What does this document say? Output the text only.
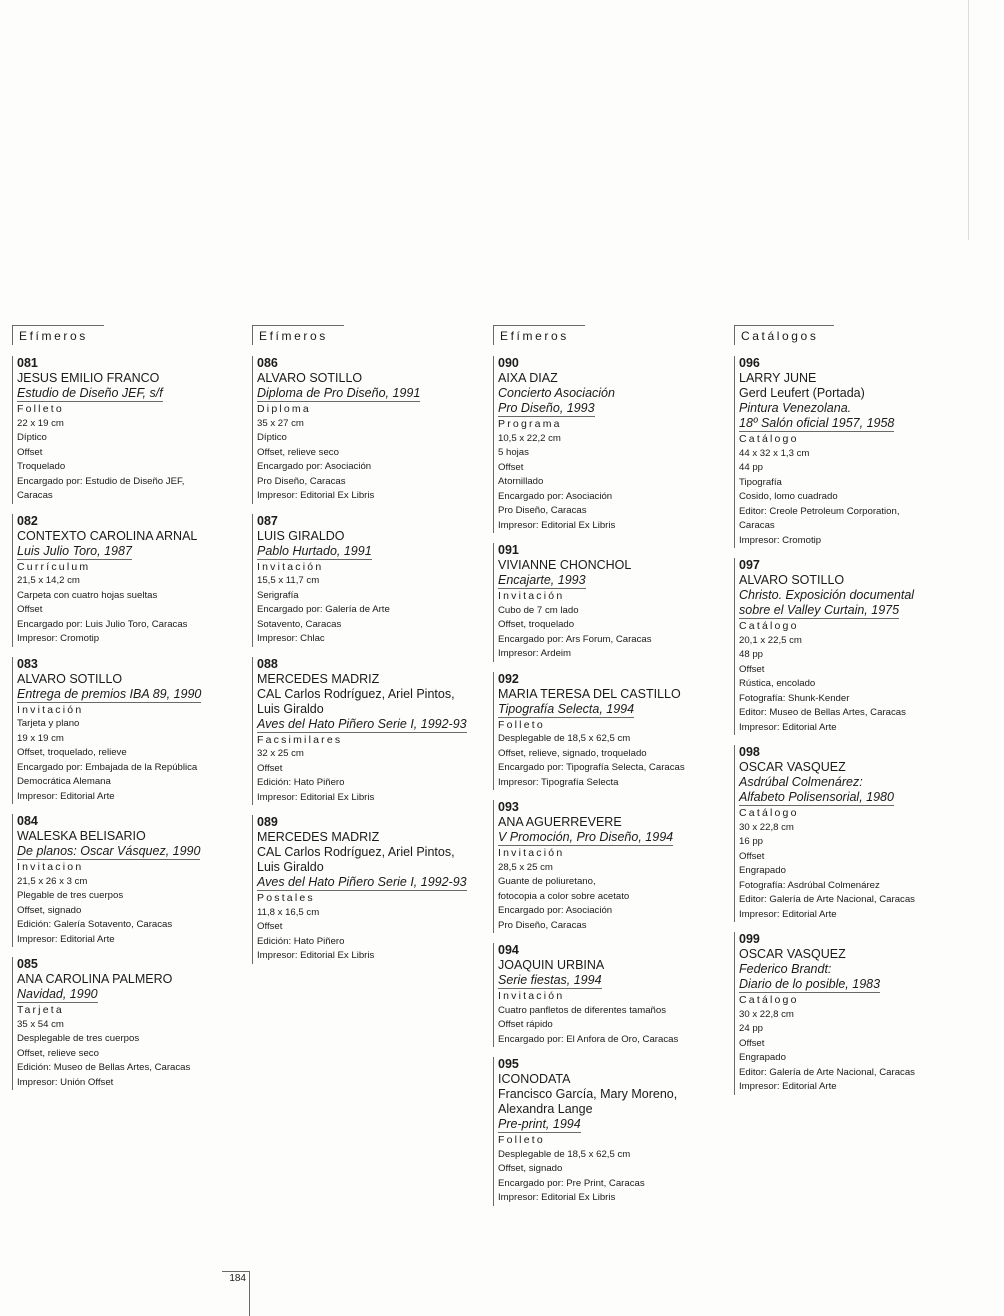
Efímeros
081
JESUS EMILIO FRANCO
Estudio de Diseño JEF, s/f
Folleto
22 x 19 cm
Díptico
Offset
Troquelado
Encargado por: Estudio de Diseño JEF,
Caracas
082
CONTEXTO CAROLINA ARNAL
Luis Julio Toro, 1987
Currículum
21,5 x 14,2 cm
Carpeta con cuatro hojas sueltas
Offset
Encargado por: Luis Julio Toro, Caracas
Impresor: Cromotip
083
ALVARO SOTILLO
Entrega de premios IBA 89, 1990
Invitación
Tarjeta y plano
19 x 19 cm
Offset, troquelado, relieve
Encargado por: Embajada de la República
Democrática Alemana
Impresor: Editorial Arte
084
WALESKA BELISARIO
De planos: Oscar Vásquez, 1990
Invitacion
21,5 x 26 x 3 cm
Plegable de tres cuerpos
Offset, signado
Edición: Galería Sotavento, Caracas
Impresor: Editorial Arte
085
ANA CAROLINA PALMERO
Navidad, 1990
Tarjeta
35 x 54 cm
Desplegable de tres cuerpos
Offset, relieve seco
Edición: Museo de Bellas Artes, Caracas
Impresor: Unión Offset
Efímeros
086
ALVARO SOTILLO
Diploma de Pro Diseño, 1991
Diploma
35 x 27 cm
Díptico
Offset, relieve seco
Encargado por: Asociación
Pro Diseño, Caracas
Impresor: Editorial Ex Libris
087
LUIS GIRALDO
Pablo Hurtado, 1991
Invitación
15,5 x 11,7 cm
Serigrafía
Encargado por: Galería de Arte
Sotavento, Caracas
Impresor: Chlac
088
MERCEDES MADRIZ
CAL Carlos Rodríguez, Ariel Pintos,
Luis Giraldo
Aves del Hato Piñero Serie I, 1992-93
Facsimilares
32 x 25 cm
Offset
Edición: Hato Piñero
Impresor: Editorial Ex Libris
089
MERCEDES MADRIZ
CAL Carlos Rodríguez, Ariel Pintos,
Luis Giraldo
Aves del Hato Piñero Serie I, 1992-93
Postales
11,8 x 16,5 cm
Offset
Edición: Hato Piñero
Impresor: Editorial Ex Libris
Efímeros
090
AIXA DIAZ
Concierto Asociación
Pro Diseño, 1993
Programa
10,5 x 22,2 cm
5 hojas
Offset
Atornillado
Encargado por: Asociación
Pro Diseño, Caracas
Impresor: Editorial Ex Libris
091
VIVIANNE CHONCHOL
Encajarte, 1993
Invitación
Cubo de 7 cm lado
Offset, troquelado
Encargado por: Ars Forum, Caracas
Impresor: Ardeim
092
MARIA TERESA DEL CASTILLO
Tipografía Selecta, 1994
Folleto
Desplegable de 18,5 x 62,5 cm
Offset, relieve, signado, troquelado
Encargado por: Tipografía Selecta, Caracas
Impresor: Tipografía Selecta
093
ANA AGUERREVERE
V Promoción, Pro Diseño, 1994
Invitación
28,5 x 25 cm
Guante de poliuretano,
fotocopia a color sobre acetato
Encargado por: Asociación
Pro Diseño, Caracas
094
JOAQUIN URBINA
Serie fiestas, 1994
Invitación
Cuatro panfletos de diferentes tamaños
Offset rápido
Encargado por: El Anfora de Oro, Caracas
095
ICONODATA
Francisco García, Mary Moreno,
Alexandra Lange
Pre-print, 1994
Folleto
Desplegable de 18,5 x 62,5 cm
Offset, signado
Encargado por: Pre Print, Caracas
Impresor: Editorial Ex Libris
Catálogos
096
LARRY JUNE
Gerd Leufert (Portada)
Pintura Venezolana.
18º Salón oficial 1957, 1958
Catálogo
44 x 32 x 1,3 cm
44 pp
Tipografía
Cosido, lomo cuadrado
Editor: Creole Petroleum Corporation,
Caracas
Impresor: Cromotip
097
ALVARO SOTILLO
Christo. Exposición documental
sobre el Valley Curtain, 1975
Catálogo
20,1 x 22,5 cm
48 pp
Offset
Rústica, encolado
Fotografía: Shunk-Kender
Editor: Museo de Bellas Artes, Caracas
Impresor: Editorial Arte
098
OSCAR VASQUEZ
Asdrúbal Colmenárez:
Alfabeto Polisensorial, 1980
Catálogo
30 x 22,8 cm
16 pp
Offset
Engrapado
Fotografía: Asdrúbal Colmenárez
Editor: Galería de Arte Nacional, Caracas
Impresor: Editorial Arte
099
OSCAR VASQUEZ
Federico Brandt:
Diario de lo posible, 1983
Catálogo
30 x 22,8 cm
24 pp
Offset
Engrapado
Editor: Galería de Arte Nacional, Caracas
Impresor: Editorial Arte
184
